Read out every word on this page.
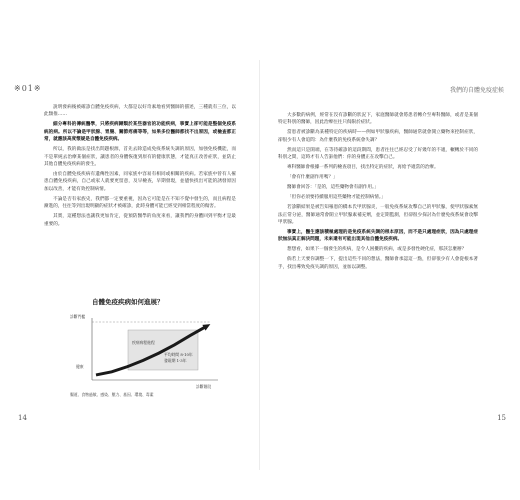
※01※

說明發病後被確診自體免疫疾病，大都是以好奇素地看到醫師的描述，三種就有三位，以此類推……

細分專科的傳統醫學，只將疾病歸類於某些器官的功能疾病，事實上卻可能是整個免疫系統的病。所以不論是甲狀腺、胃腸、關節疼痛等等，如果多位醫師都找不出原因，或檢查都正常，就應該高度懷疑是自體免疫疾病。

所以，我的做法是找出問題根源，首先去除造成免疫系統失調的原因，加強免疫機能，而不是單純去治療某個症狀，讓患者的身體恢復到原有的健康狀態，才能真正改善症狀，並防止其他自體免疫疾病的發生。

由於自體免疫疾病有遺傳性因素，同家族中容易有相同或相關的疾病。若家族中曾有人罹患自體免疫疾病，自己或家人就要更留意，及早檢查，早期發現，並儘快找出可能的誘發原因加以改善，才能有效控制病情。

不論是否有家族史，我們都一定要重視，因為它可能是在不知不覺中發生的，而且病程是漸進的，往往等到出現明顯的症狀才被確診，此時身體可能已經受到相當程度的傷害。

其實，這種想法也讓我更加肯定，從預防醫學的角度來看，讓我們的身體回到平衡才是最重要的。

自體免疫疾病如何進展？
診斷門檻
健康
診斷階段
疾病病程進程
平均時間 8-10年
發現期 1-3年
腸道、食物過敏、感染、壓力、基因、環境、毒素
14
我們的自體免疫症候

大多數的病例，經常在沒有診斷的狀況下，家庭醫師就會將患者轉介至專科醫師，或者是某個特定科別的醫師，因此治療往往只侷限於症狀。

當患者被診斷為某種特定的疾病時——例如甲狀腺疾病，醫師通常就會開立藥物來控制症狀，卻很少有人會追問：為什麼我的免疫系統會失調？

然而這只是開端，在等待確診的這段期間，患者往往已經忍受了好幾年的不適，輾轉於不同的科別之間，這時才有人告訴他們：你的身體正在攻擊自己。

專科醫師會根據一系列的檢查項目，找出特定的症狀，再給予適當的治療。

「會有什麼副作用嗎？」

醫師會回答：「是的，這些藥物會有副作用。」

「但你必須要持續服用這些藥物才能控制病情。」

若診斷結果是被告知罹患的橋本氏甲狀腺炎，一般免疫系統攻擊自己的甲狀腺，使甲狀腺素無法正常分泌，醫師通常會開立甲狀腺素補充劑，並定期監測，但卻很少探討為什麼免疫系統會攻擊甲狀腺。

事實上，醫生應該積極處理的是免疫系統失調的根本原因，而不是只處理症狀，因為只處理症狀無法真正解決問題，未來還有可能出現其他自體免疫疾病。

想想看，如果下一個發生的疾病，是令人困擾的疾病，或是多發性硬化症，那該怎麼辦？

倘若上天要你調整一下，提出這些不同的想法，醫師會承認這一點，但卻很少有人會從根本著手，找出導致免疫失調的原因，並加以調整。

15
